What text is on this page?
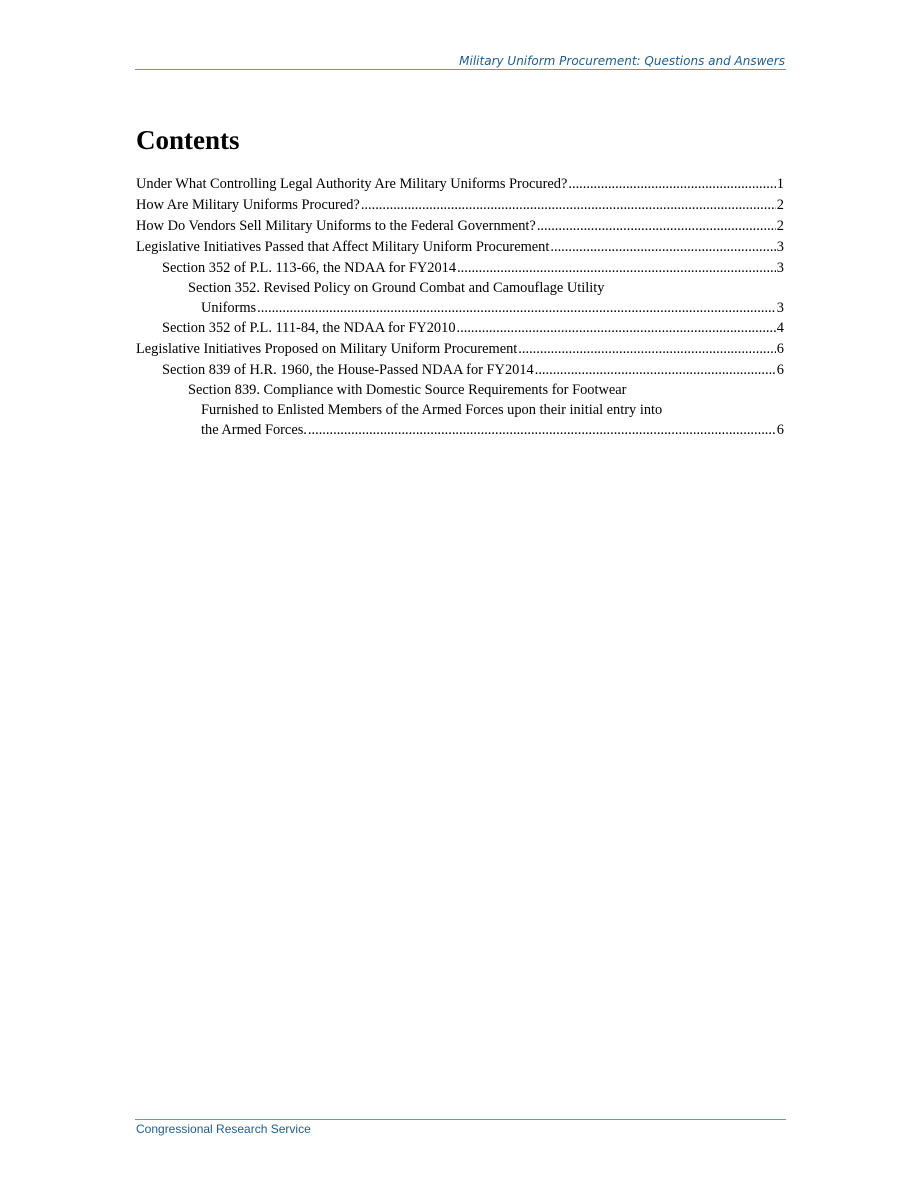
Military Uniform Procurement: Questions and Answers
Contents
Under What Controlling Legal Authority Are Military Uniforms Procured? .....	1
How Are Military Uniforms Procured? .....	2
How Do Vendors Sell Military Uniforms to the Federal Government? .....	2
Legislative Initiatives Passed that Affect Military Uniform Procurement .....	3
Section 352 of P.L. 113-66, the NDAA for FY2014 .....	3
Section 352. Revised Policy on Ground Combat and Camouflage Utility
Uniforms .....	3
Section 352 of P.L. 111-84, the NDAA for FY2010 .....	4
Legislative Initiatives Proposed on Military Uniform Procurement .....	6
Section 839 of H.R. 1960, the House-Passed NDAA for FY2014 .....	6
Section 839. Compliance with Domestic Source Requirements for Footwear
Furnished to Enlisted Members of the Armed Forces upon their initial entry into
the Armed Forces. .....	6
Congressional Research Service
